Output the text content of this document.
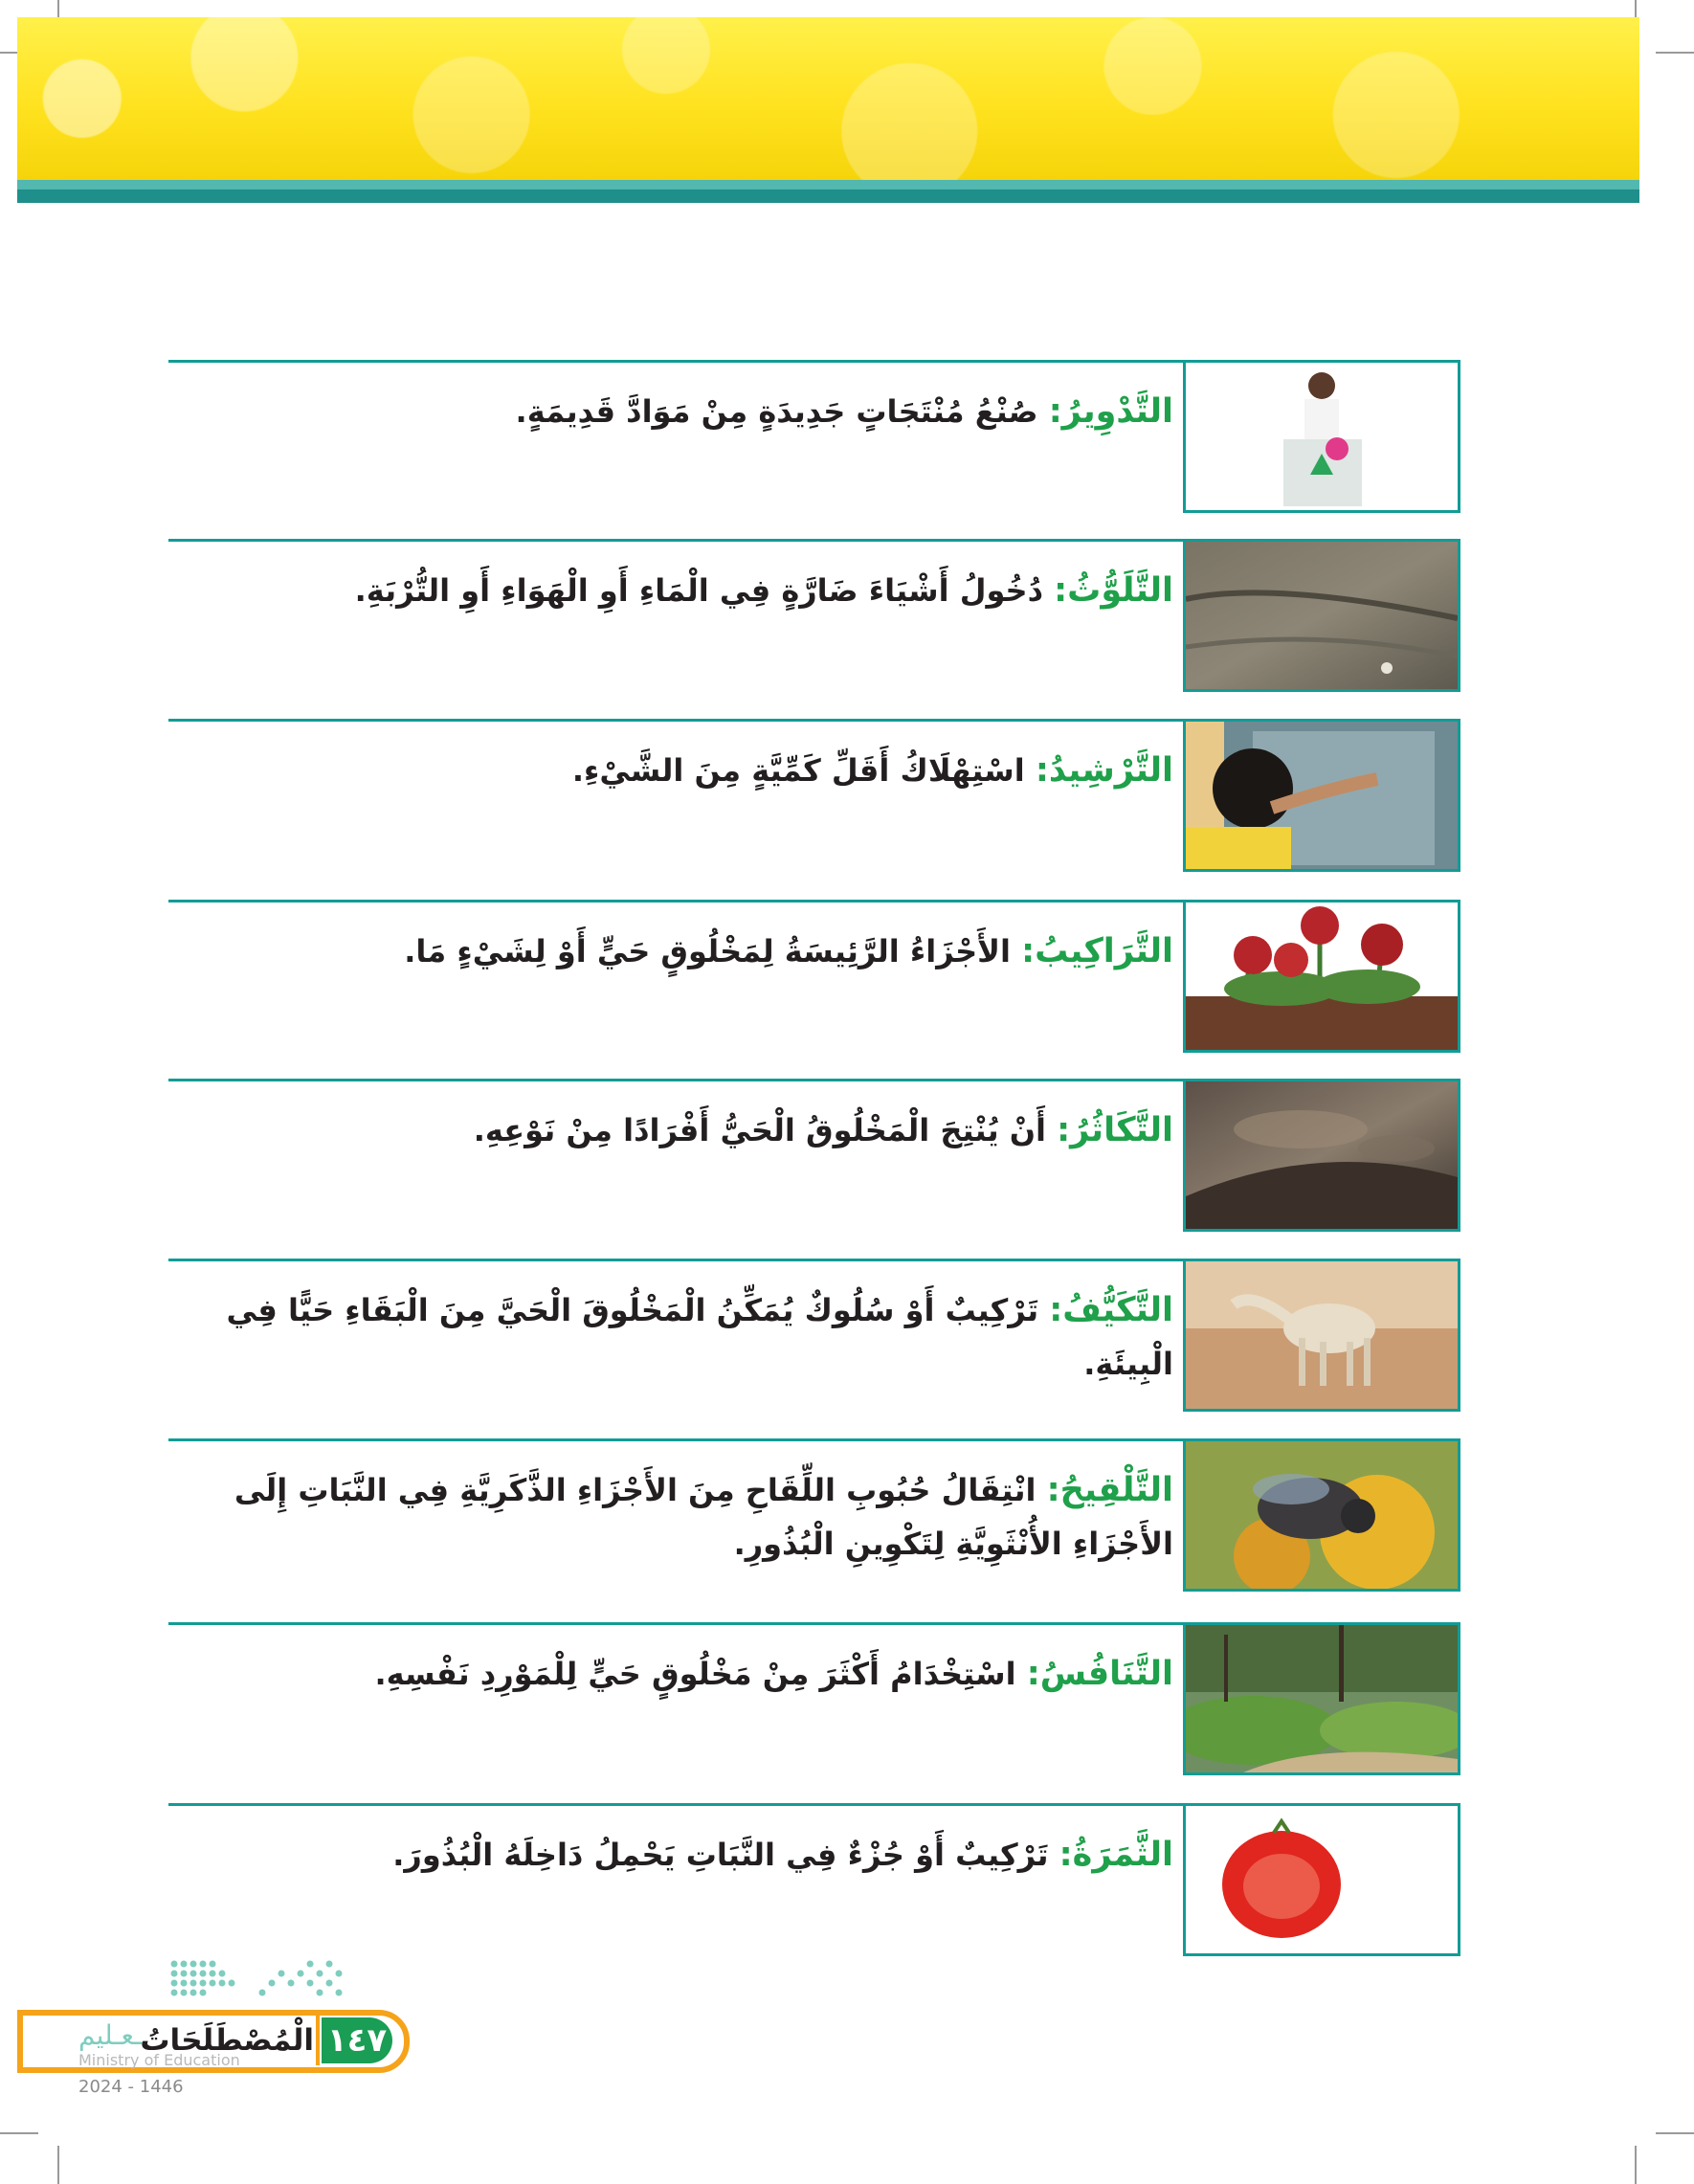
التَّدْوِيرُ: صُنْعُ مُنْتَجَاتٍ جَدِيدَةٍ مِنْ مَوَادَّ قَدِيمَةٍ.
التَّلَوُّثُ: دُخُولُ أَشْيَاءَ ضَارَّةٍ فِي الْمَاءِ أَوِ الْهَوَاءِ أَوِ التُّرْبَةِ.
التَّرْشِيدُ: اسْتِهْلَاكُ أَقَلِّ كَمِّيَّةٍ مِنَ الشَّيْءِ.
التَّرَاكِيبُ: الأَجْزَاءُ الرَّئِيسَةُ لِمَخْلُوقٍ حَيٍّ أَوْ لِشَيْءٍ مَا.
التَّكَاثُرُ: أَنْ يُنْتِجَ الْمَخْلُوقُ الْحَيُّ أَفْرَادًا مِنْ نَوْعِهِ.
التَّكَيُّفُ: تَرْكِيبٌ أَوْ سُلُوكٌ يُمَكِّنُ الْمَخْلُوقَ الْحَيَّ مِنَ الْبَقَاءِ حَيًّا فِي الْبِيئَةِ.
التَّلْقِيحُ: انْتِقَالُ حُبُوبِ اللِّقَاحِ مِنَ الأَجْزَاءِ الذَّكَرِيَّةِ فِي النَّبَاتِ إِلَى الأَجْزَاءِ الأُنْثَوِيَّةِ لِتَكْوِينِ الْبُذُورِ.
التَّنَافُسُ: اسْتِخْدَامُ أَكْثَرَ مِنْ مَخْلُوقٍ حَيٍّ لِلْمَوْرِدِ نَفْسِهِ.
الثَّمَرَةُ: تَرْكِيبٌ أَوْ جُزْءٌ فِي النَّبَاتِ يَحْمِلُ دَاخِلَهُ الْبُذُورَ.
١٤٧
الْمُصْطَلَحَاتُ
ـعـليم
Ministry of Education
2024 - 1446
